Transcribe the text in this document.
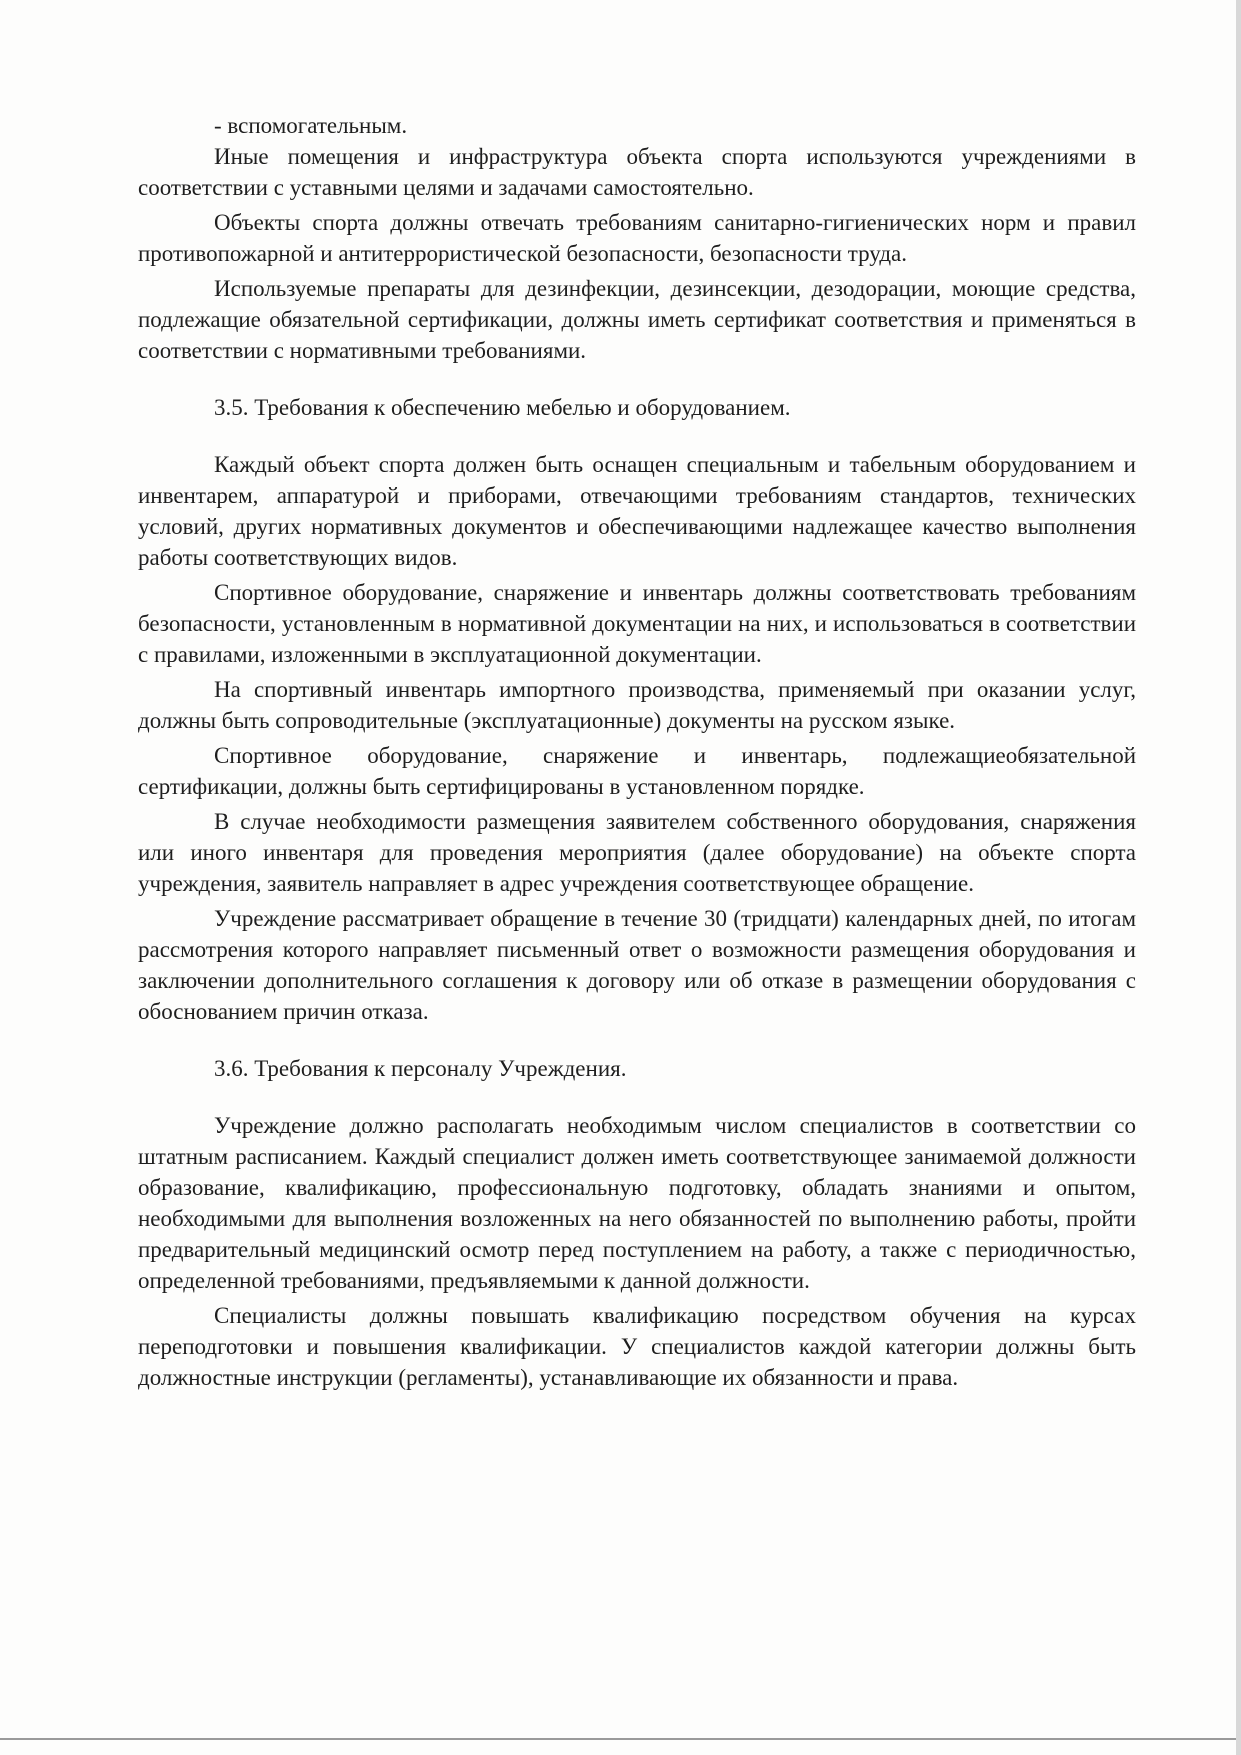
- вспомогательным.

Иные помещения и инфраструктура объекта спорта используются учреждениями в соответствии с уставными целями и задачами самостоятельно.

Объекты спорта должны отвечать требованиям санитарно-гигиенических норм и правил противопожарной и антитеррористической безопасности, безопасности труда.

Используемые препараты для дезинфекции, дезинсекции, дезодорации, моющие средства, подлежащие обязательной сертификации, должны иметь сертификат соответствия и применяться в соответствии с нормативными требованиями.

3.5. Требования к обеспечению мебелью и оборудованием.

Каждый объект спорта должен быть оснащен специальным и табельным оборудованием и инвентарем, аппаратурой и приборами, отвечающими требованиям стандартов, технических условий, других нормативных документов и обеспечивающими надлежащее качество выполнения работы соответствующих видов.

Спортивное оборудование, снаряжение и инвентарь должны соответствовать требованиям безопасности, установленным в нормативной документации на них, и использоваться в соответствии с правилами, изложенными в эксплуатационной документации.

На спортивный инвентарь импортного производства, применяемый при оказании услуг, должны быть сопроводительные (эксплуатационные) документы на русском языке.

Спортивное оборудование, снаряжение и инвентарь, подлежащиеобязательной сертификации, должны быть сертифицированы в установленном порядке.

В случае необходимости размещения заявителем собственного оборудования, снаряжения или иного инвентаря для проведения мероприятия (далее оборудование) на объекте спорта учреждения, заявитель направляет в адрес учреждения соответствующее обращение.

Учреждение рассматривает обращение в течение 30 (тридцати) календарных дней, по итогам рассмотрения которого направляет письменный ответ о возможности размещения оборудования и заключении дополнительного соглашения к договору или об отказе в размещении оборудования с обоснованием причин отказа.

3.6. Требования к персоналу Учреждения.

Учреждение должно располагать необходимым числом специалистов в соответствии со штатным расписанием. Каждый специалист должен иметь соответствующее занимаемой должности образование, квалификацию, профессиональную подготовку, обладать знаниями и опытом, необходимыми для выполнения возложенных на него обязанностей по выполнению работы, пройти предварительный медицинский осмотр перед поступлением на работу, а также с периодичностью, определенной требованиями, предъявляемыми к данной должности.

Специалисты должны повышать квалификацию посредством обучения на курсах переподготовки и повышения квалификации. У специалистов каждой категории должны быть должностные инструкции (регламенты), устанавливающие их обязанности и права.
